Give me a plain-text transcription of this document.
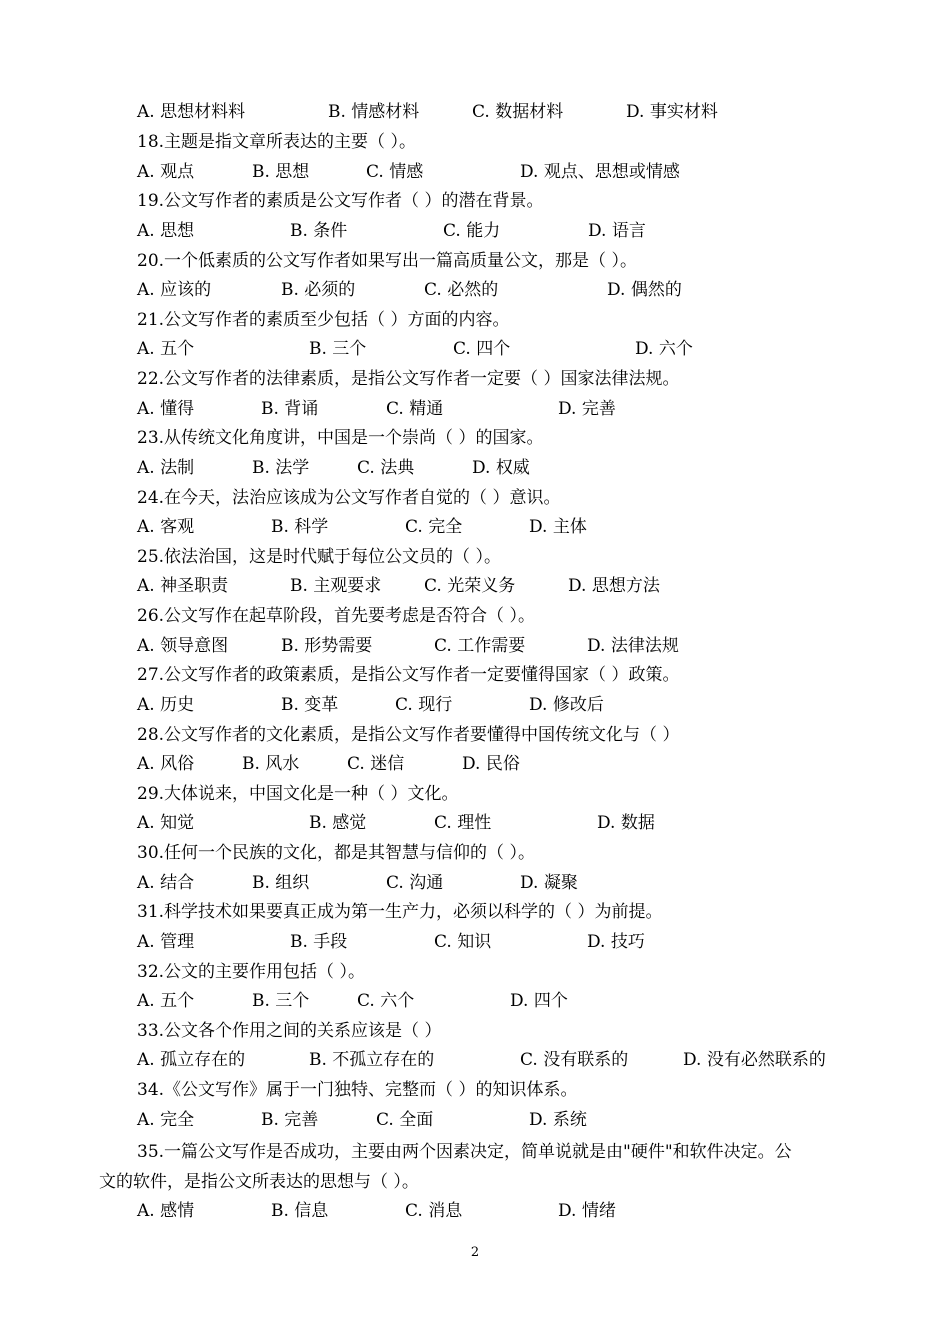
A. 思想材料料	B. 情感材料	C. 数据材料	D. 事实材料
18.主题是指文章所表达的主要（ ）。
A. 观点	B. 思想	C. 情感	D. 观点、思想或情感
19.公文写作者的素质是公文写作者（ ）的潜在背景。
A. 思想	B. 条件	C. 能力	D. 语言
20.一个低素质的公文写作者如果写出一篇高质量公文，那是（ ）。
A. 应该的	B. 必须的	C. 必然的	D. 偶然的
21.公文写作者的素质至少包括（ ）方面的内容。
A. 五个	B. 三个	C. 四个	D. 六个
22.公文写作者的法律素质，是指公文写作者一定要（ ）国家法律法规。
A. 懂得	B. 背诵	C. 精通	D. 完善
23.从传统文化角度讲，中国是一个崇尚（ ）的国家。
A. 法制	B. 法学	C. 法典	D. 权威
24.在今天，法治应该成为公文写作者自觉的（ ）意识。
A. 客观	B. 科学	C. 完全	D. 主体
25.依法治国，这是时代赋于每位公文员的（ ）。
A. 神圣职责	B. 主观要求	C. 光荣义务	D. 思想方法
26.公文写作在起草阶段，首先要考虑是否符合（ ）。
A. 领导意图	B. 形势需要	C. 工作需要	D. 法律法规
27.公文写作者的政策素质，是指公文写作者一定要懂得国家（ ）政策。
A. 历史	B. 变革	C. 现行	D. 修改后
28.公文写作者的文化素质，是指公文写作者要懂得中国传统文化与（ ）
A. 风俗	B. 风水	C. 迷信	D. 民俗
29.大体说来，中国文化是一种（ ）文化。
A. 知觉	B. 感觉	C. 理性	D. 数据
30.任何一个民族的文化，都是其智慧与信仰的（ ）。
A. 结合	B. 组织	C. 沟通	D. 凝聚
31.科学技术如果要真正成为第一生产力，必须以科学的（ ）为前提。
A. 管理	B. 手段	C. 知识	D. 技巧
32.公文的主要作用包括（ ）。
A. 五个	B. 三个	C. 六个	D. 四个
33.公文各个作用之间的关系应该是（ ）
A. 孤立存在的	B. 不孤立存在的	C. 没有联系的	D. 没有必然联系的
34.《公文写作》属于一门独特、完整而（ ）的知识体系。
A. 完全	B. 完善	C. 全面	D. 系统
35.一篇公文写作是否成功，主要由两个因素决定，简单说就是由"硬件"和软件决定。公
文的软件，是指公文所表达的思想与（ ）。
A. 感情	B. 信息	C. 消息	D. 情绪
2
